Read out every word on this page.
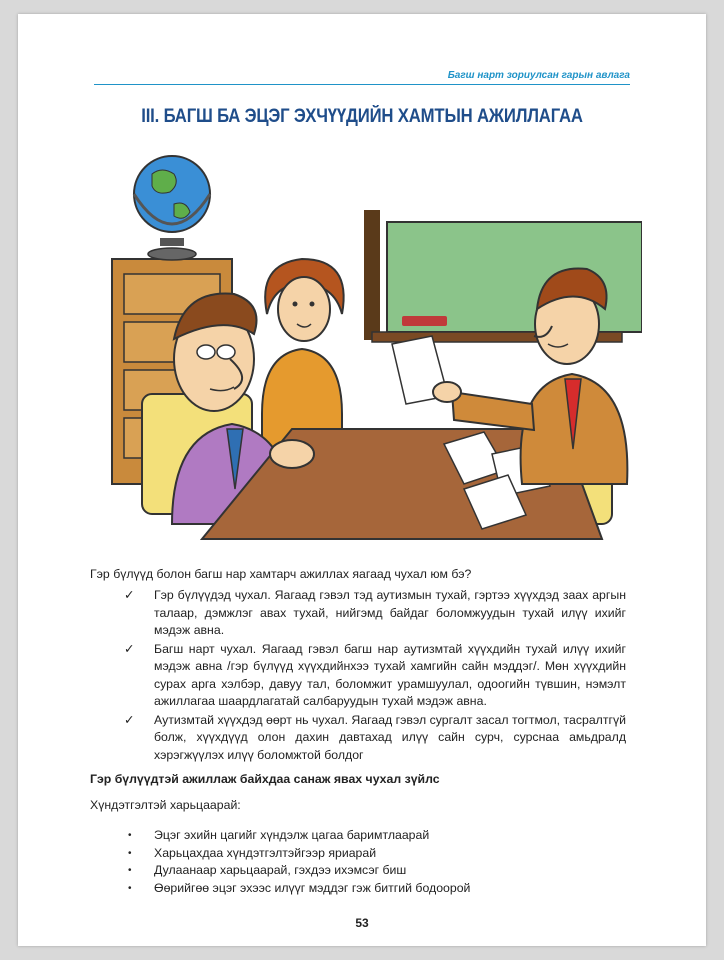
Багш нарт зориулсан гарын авлага
III. БАГШ БА ЭЦЭГ ЭХЧҮҮДИЙН ХАМТЫН АЖИЛЛАГАА
Гэр бүлүүд болон багш нар хамтарч ажиллах яагаад чухал юм бэ?
✓ Гэр бүлүүдэд чухал. Яагаад гэвэл тэд аутизмын тухай, гэртээ хүүхдэд заах аргын талаар, дэмжлэг авах тухай, нийгэмд байдаг боломжуудын тухай илүү ихийг мэдэж авна.
✓ Багш нарт чухал. Яагаад гэвэл багш нар аутизмтай хүүхдийн тухай илүү ихийг мэдэж авна /гэр бүлүүд хүүхдийнхээ тухай хамгийн сайн мэддэг/. Мөн хүүхдийн сурах арга хэлбэр, давуу тал, боломжит урамшуулал, одоогийн түвшин, нэмэлт ажиллагаа шаардлагатай салбаруудын тухай мэдэж авна.
✓ Аутизмтай хүүхдэд өөрт нь чухал. Яагаад гэвэл сургалт засал тогтмол, тасралтгүй болж, хүүхдүүд олон дахин давтахад илүү сайн сурч, сурснаа амьдралд хэрэгжүүлэх илүү боломжтой болдог
Гэр бүлүүдтэй ажиллаж байхдаа санаж явах чухал зүйлс
Хүндэтгэлтэй харьцаарай:
• Эцэг эхийн цагийг хүндэлж цагаа баримтлаарай
• Харьцахдаа хүндэтгэлтэйгээр яриарай
• Дулаанаар харьцаарай, гэхдээ ихэмсэг биш
• Өөрийгөө эцэг эхээс илүүг мэддэг гэж битгий бодоорой
53
